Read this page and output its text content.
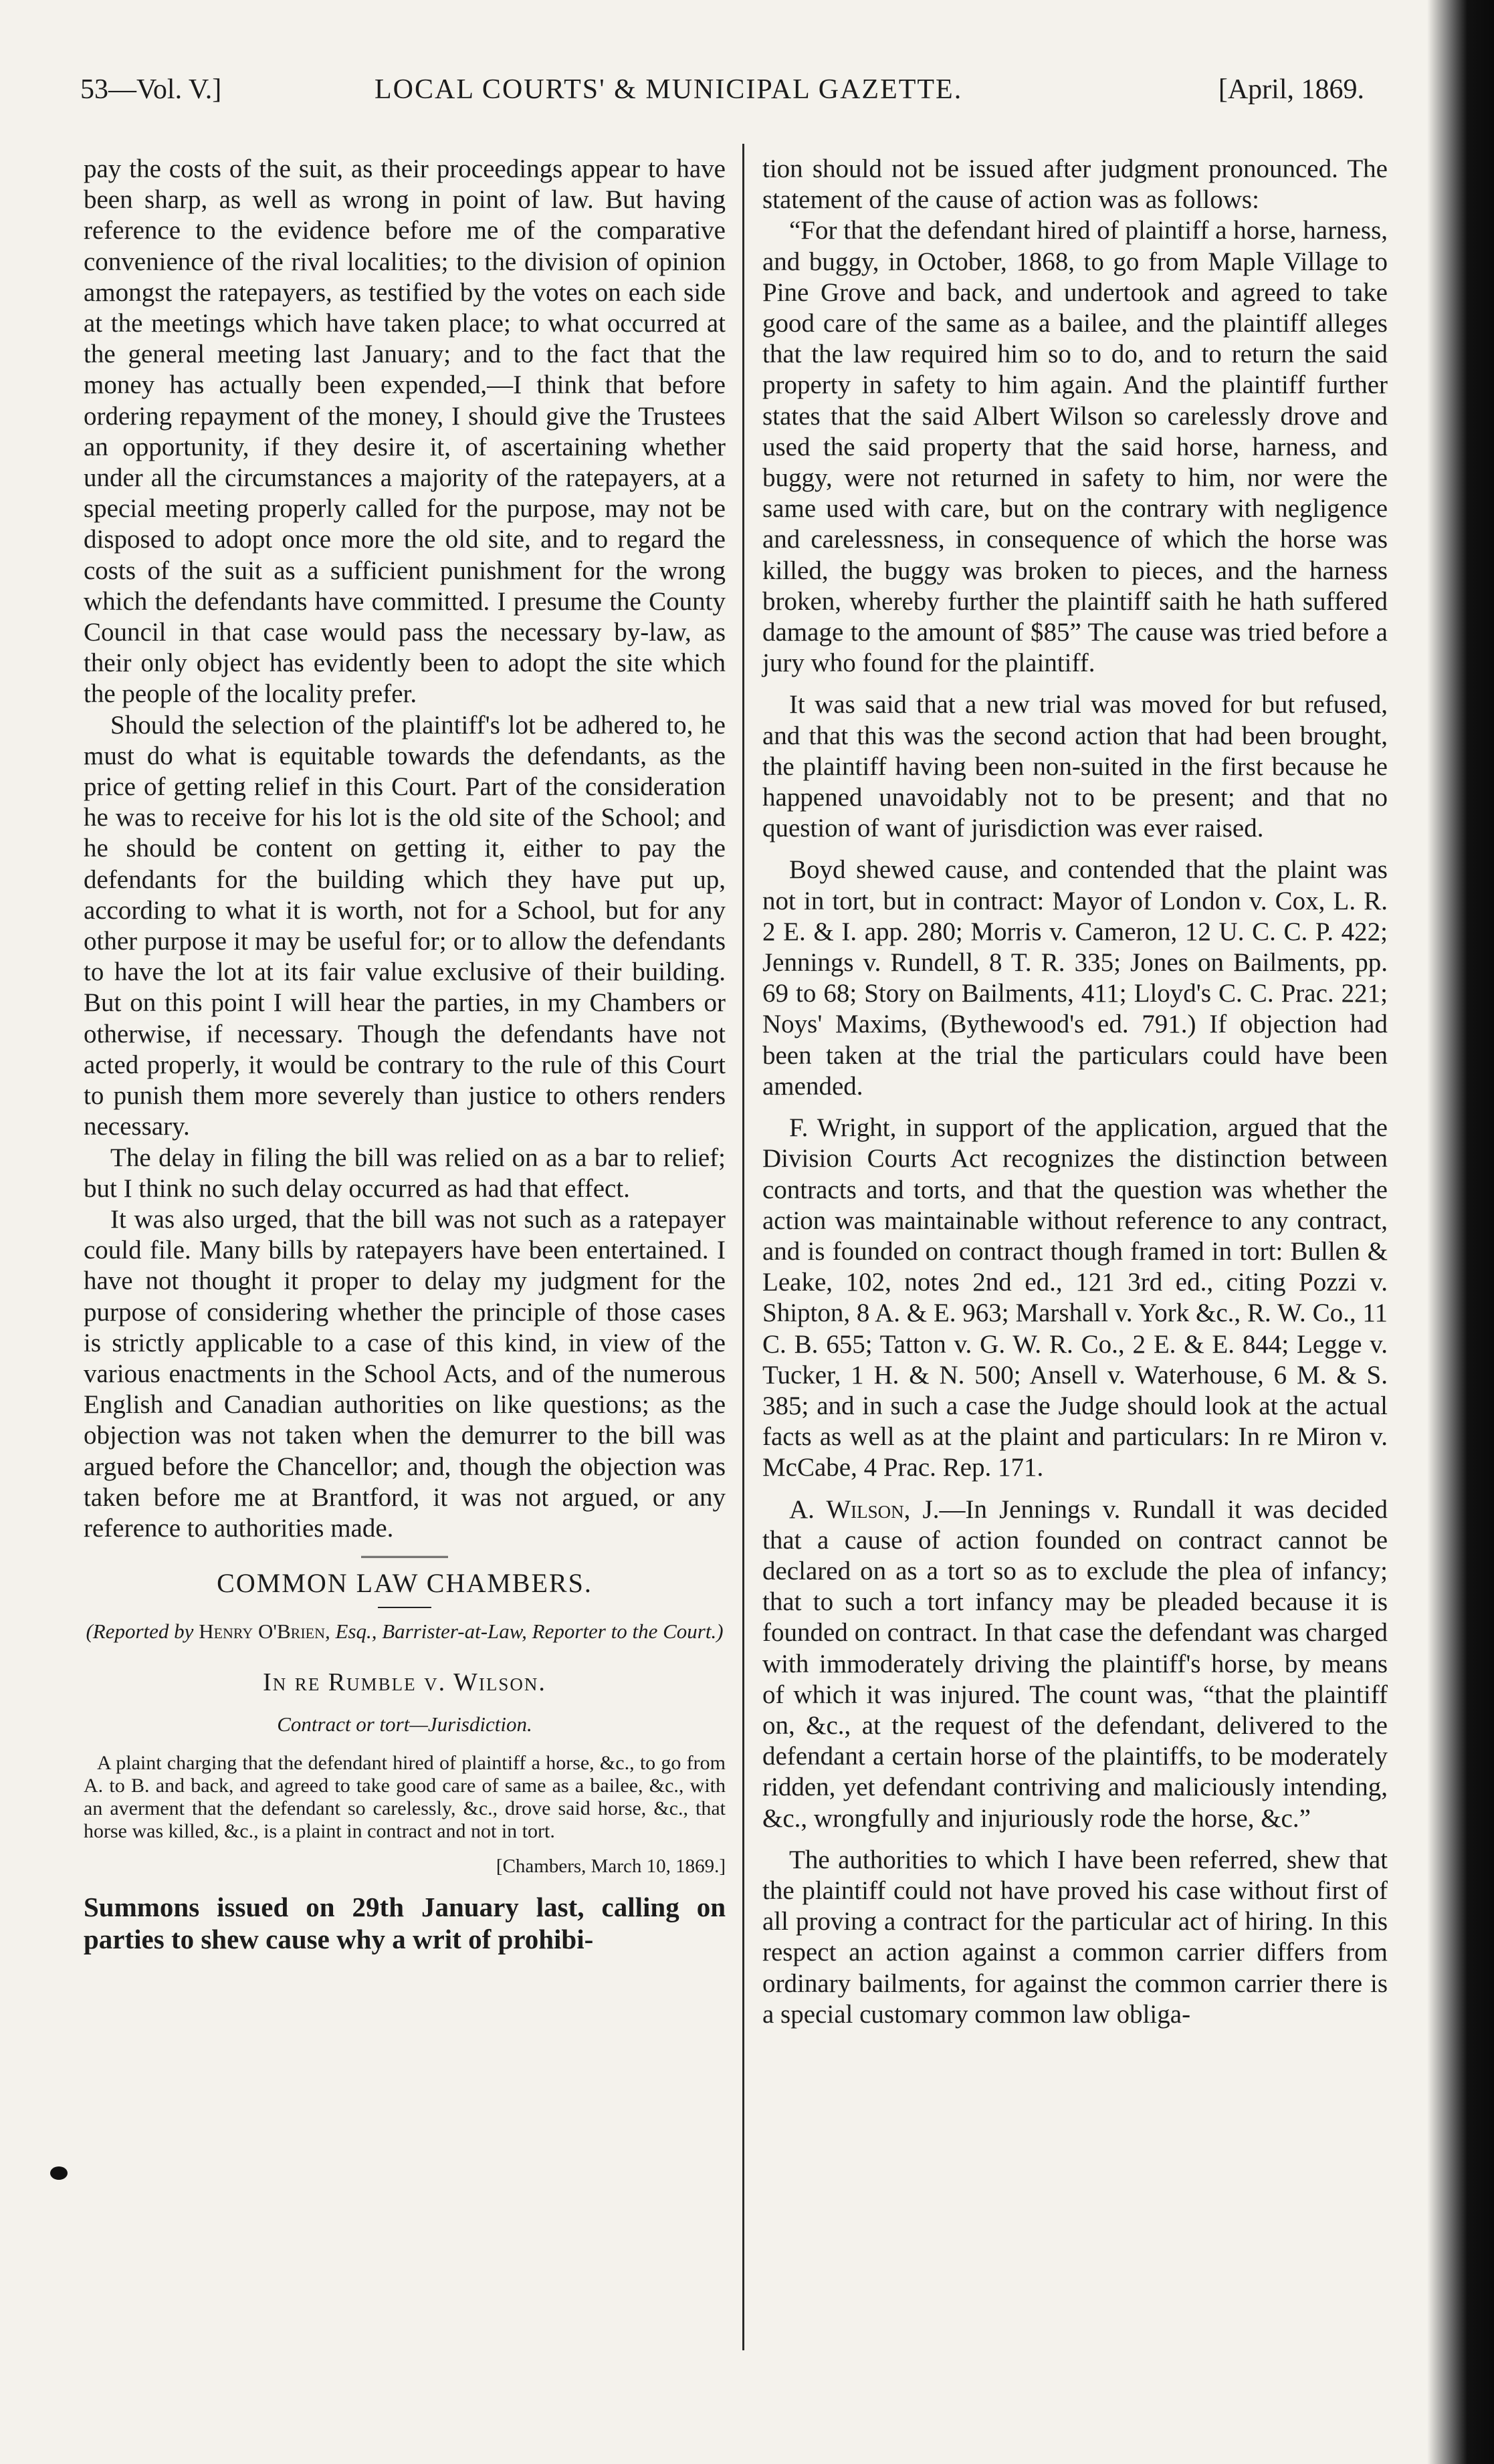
53—Vol. V.]	LOCAL COURTS' & MUNICIPAL GAZETTE.	[April, 1869.

pay the costs of the suit, as their proceedings appear to have been sharp, as well as wrong in point of law. But having reference to the evidence before me of the comparative convenience of the rival localities; to the division of opinion amongst the ratepayers, as testified by the votes on each side at the meetings which have taken place; to what occurred at the general meeting last January; and to the fact that the money has actually been expended,—I think that before ordering repayment of the money, I should give the Trustees an opportunity, if they desire it, of ascertaining whether under all the circumstances a majority of the ratepayers, at a special meeting properly called for the purpose, may not be disposed to adopt once more the old site, and to regard the costs of the suit as a sufficient punishment for the wrong which the defendants have committed. I presume the County Council in that case would pass the necessary by-law, as their only object has evidently been to adopt the site which the people of the locality prefer.

Should the selection of the plaintiff's lot be adhered to, he must do what is equitable towards the defendants, as the price of getting relief in this Court. Part of the consideration he was to receive for his lot is the old site of the School; and he should be content on getting it, either to pay the defendants for the building which they have put up, according to what it is worth, not for a School, but for any other purpose it may be useful for; or to allow the defendants to have the lot at its fair value exclusive of their building. But on this point I will hear the parties, in my Chambers or otherwise, if necessary. Though the defendants have not acted properly, it would be contrary to the rule of this Court to punish them more severely than justice to others renders necessary.

The delay in filing the bill was relied on as a bar to relief; but I think no such delay occurred as had that effect.

It was also urged, that the bill was not such as a ratepayer could file. Many bills by ratepayers have been entertained. I have not thought it proper to delay my judgment for the purpose of considering whether the principle of those cases is strictly applicable to a case of this kind, in view of the various enactments in the School Acts, and of the numerous English and Canadian authorities on like questions; as the objection was not taken when the demurrer to the bill was argued before the Chancellor; and, though the objection was taken before me at Brantford, it was not argued, or any reference to authorities made.

COMMON LAW CHAMBERS.
(Reported by Henry O'Brien, Esq., Barrister-at-Law, Reporter to the Court.)
In re Rumble v. Wilson.
Contract or tort—Jurisdiction.

A plaint charging that the defendant hired of plaintiff a horse, &c., to go from A. to B. and back, and agreed to take good care of same as a bailee, &c., with an averment that the defendant so carelessly, &c., drove said horse, &c., that horse was killed, &c., is a plaint in contract and not in tort.

[Chambers, March 10, 1869.]

Summons issued on 29th January last, calling on parties to shew cause why a writ of prohibi-

tion should not be issued after judgment pronounced. The statement of the cause of action was as follows:

“For that the defendant hired of plaintiff a horse, harness, and buggy, in October, 1868, to go from Maple Village to Pine Grove and back, and undertook and agreed to take good care of the same as a bailee, and the plaintiff alleges that the law required him so to do, and to return the said property in safety to him again. And the plaintiff further states that the said Albert Wilson so carelessly drove and used the said property that the said horse, harness, and buggy, were not returned in safety to him, nor were the same used with care, but on the contrary with negligence and carelessness, in consequence of which the horse was killed, the buggy was broken to pieces, and the harness broken, whereby further the plaintiff saith he hath suffered damage to the amount of $85” The cause was tried before a jury who found for the plaintiff.

It was said that a new trial was moved for but refused, and that this was the second action that had been brought, the plaintiff having been non-suited in the first because he happened unavoidably not to be present; and that no question of want of jurisdiction was ever raised.

Boyd shewed cause, and contended that the plaint was not in tort, but in contract: Mayor of London v. Cox, L. R. 2 E. & I. app. 280; Morris v. Cameron, 12 U. C. C. P. 422; Jennings v. Rundell, 8 T. R. 335; Jones on Bailments, pp. 69 to 68; Story on Bailments, 411; Lloyd's C. C. Prac. 221; Noys' Maxims, (Bythewood's ed. 791.) If objection had been taken at the trial the particulars could have been amended.

F. Wright, in support of the application, argued that the Division Courts Act recognizes the distinction between contracts and torts, and that the question was whether the action was maintainable without reference to any contract, and is founded on contract though framed in tort: Bullen & Leake, 102, notes 2nd ed., 121 3rd ed., citing Pozzi v. Shipton, 8 A. & E. 963; Marshall v. York &c., R. W. Co., 11 C. B. 655; Tatton v. G. W. R. Co., 2 E. & E. 844; Legge v. Tucker, 1 H. & N. 500; Ansell v. Waterhouse, 6 M. & S. 385; and in such a case the Judge should look at the actual facts as well as at the plaint and particulars: In re Miron v. McCabe, 4 Prac. Rep. 171.

A. Wilson, J.—In Jennings v. Rundall it was decided that a cause of action founded on contract cannot be declared on as a tort so as to exclude the plea of infancy; that to such a tort infancy may be pleaded because it is founded on contract. In that case the defendant was charged with immoderately driving the plaintiff's horse, by means of which it was injured. The count was, “that the plaintiff on, &c., at the request of the defendant, delivered to the defendant a certain horse of the plaintiffs, to be moderately ridden, yet defendant contriving and maliciously intending, &c., wrongfully and injuriously rode the horse, &c.”

The authorities to which I have been referred, shew that the plaintiff could not have proved his case without first of all proving a contract for the particular act of hiring. In this respect an action against a common carrier differs from ordinary bailments, for against the common carrier there is a special customary common law obliga-
